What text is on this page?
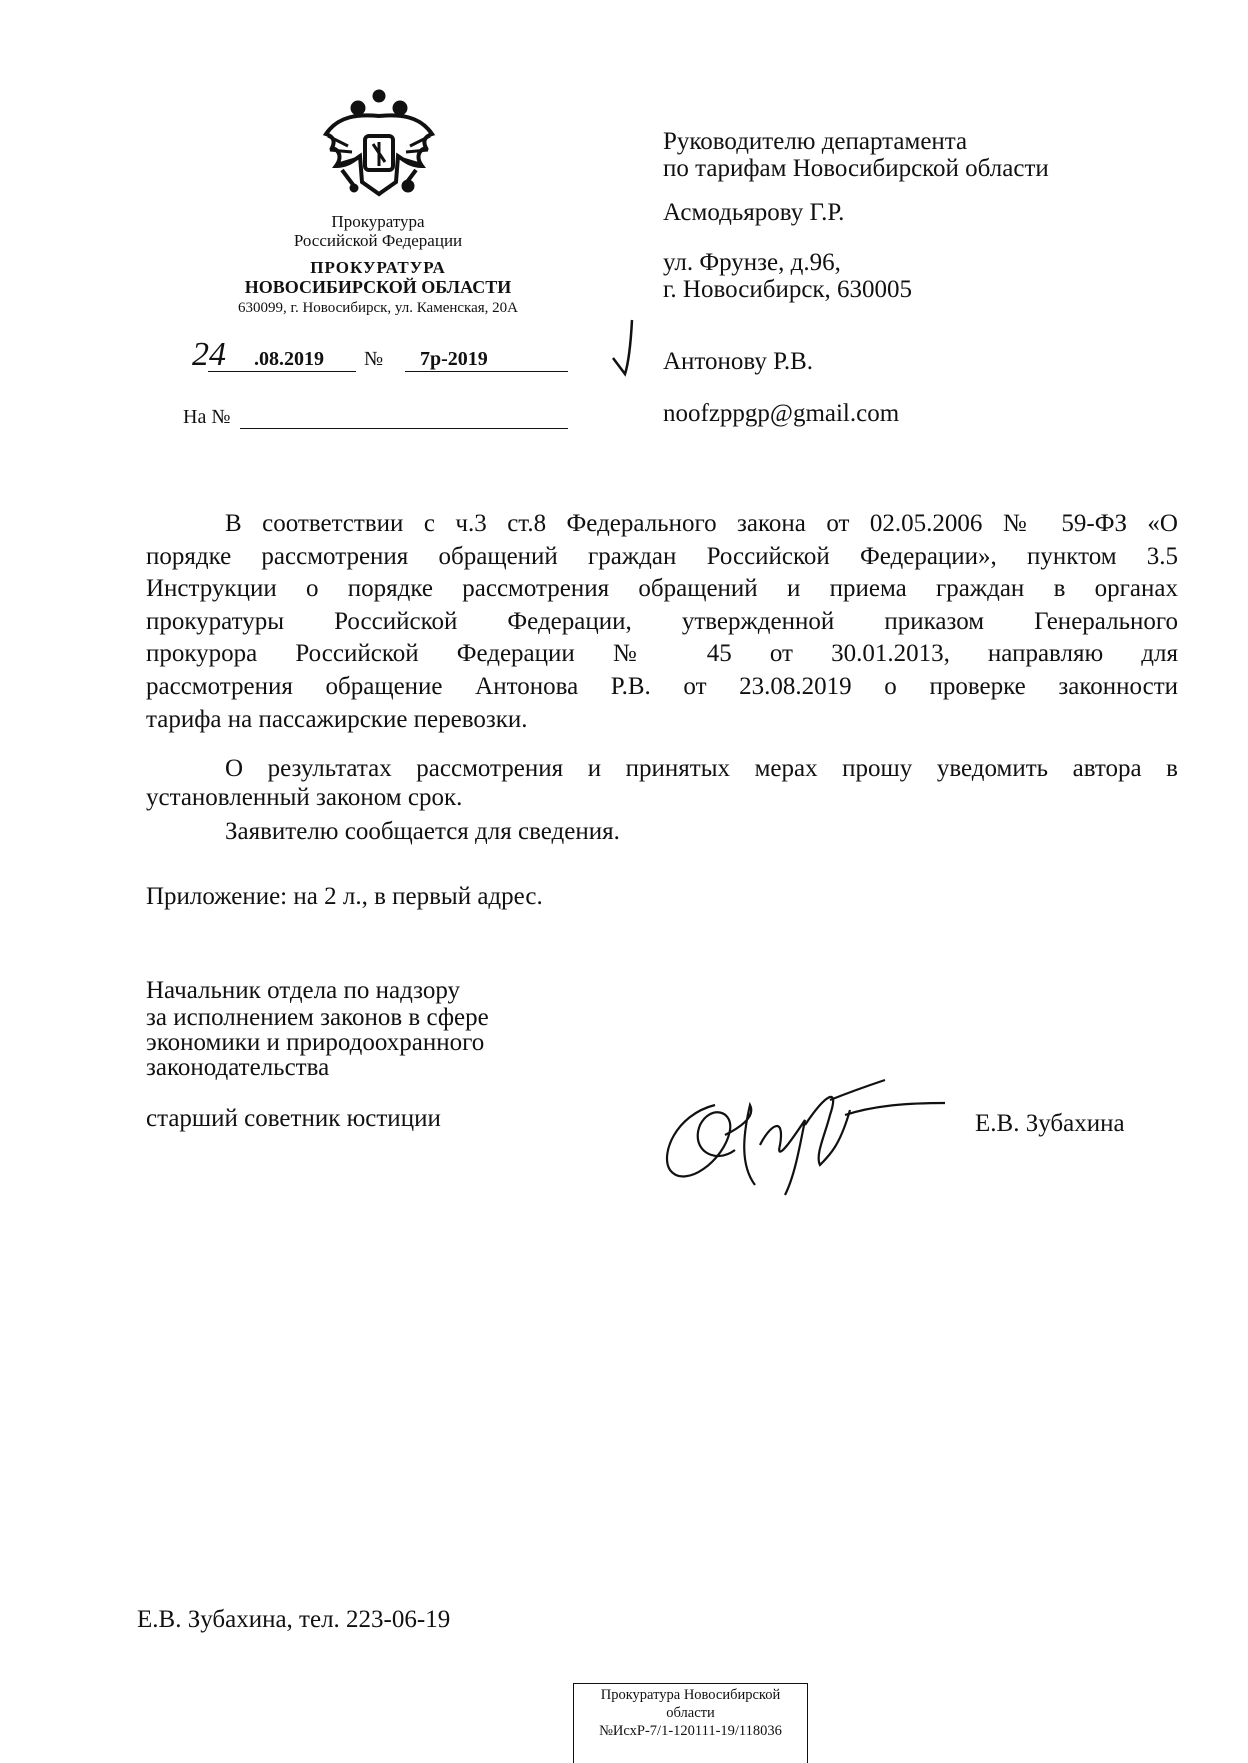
Прокуратура
Российской Федерации
ПРОКУРАТУРА
НОВОСИБИРСКОЙ ОБЛАСТИ
630099, г. Новосибирск, ул. Каменская, 20А
24 .08.2019 № 7р-2019
На №
Руководителю департамента
по тарифам Новосибирской области
Асмодьярову Г.Р.
ул. Фрунзе, д.96,
г. Новосибирск, 630005
Антонову Р.В.
noofzppgp@gmail.com
В соответствии с ч.3 ст.8 Федерального закона от 02.05.2006 № 59-ФЗ «О
порядке рассмотрения обращений граждан Российской Федерации», пунктом 3.5
Инструкции о порядке рассмотрения обращений и приема граждан в органах
прокуратуры Российской Федерации, утвержденной приказом Генерального
прокурора Российской Федерации № 45 от 30.01.2013, направляю для
рассмотрения обращение Антонова Р.В. от 23.08.2019 о проверке законности
тарифа на пассажирские перевозки.
О результатах рассмотрения и принятых мерах прошу уведомить автора в
установленный законом срок.
Заявителю сообщается для сведения.
Приложение: на 2 л., в первый адрес.
Начальник отдела по надзору
за исполнением законов в сфере
экономики и природоохранного
законодательства
старший советник юстиции	Е.В. Зубахина
Е.В. Зубахина, тел. 223-06-19
Прокуратура Новосибирской
области
№ИсхР-7/1-120111-19/118036
